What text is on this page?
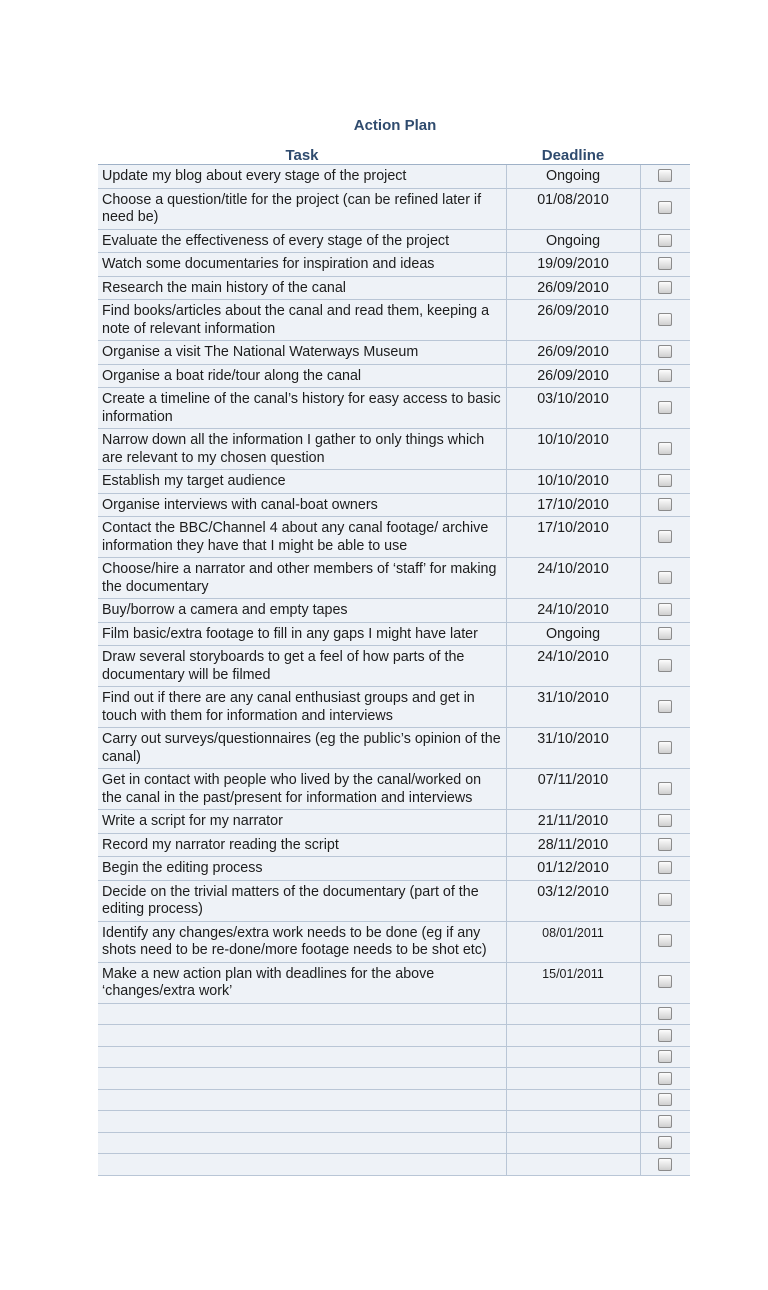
Action Plan
Task	Deadline	
Update my blog about every stage of the project	Ongoing	
Choose a question/title for the project (can be refined later if need be)	01/08/2010	
Evaluate the effectiveness of every stage of the project	Ongoing	
Watch some documentaries for inspiration and ideas	19/09/2010	
Research the main history of the canal	26/09/2010	
Find books/articles about the canal and read them, keeping a note of relevant information	26/09/2010	
Organise a visit The National Waterways Museum	26/09/2010	
Organise a boat ride/tour along the canal	26/09/2010	
Create a timeline of the canal’s history for easy access to basic information	03/10/2010	
Narrow down all the information I gather to only things which are relevant to my chosen question	10/10/2010	
Establish my target audience	10/10/2010	
Organise interviews with canal-boat owners	17/10/2010	
Contact the BBC/Channel 4 about any canal footage/ archive information they have that I might be able to use	17/10/2010	
Choose/hire a narrator and other members of ‘staff’ for making the documentary	24/10/2010	
Buy/borrow a camera and empty tapes	24/10/2010	
Film basic/extra footage to fill in any gaps I might have later	Ongoing	
Draw several storyboards to get a feel of how parts of the documentary will be filmed	24/10/2010	
Find out if there are any canal enthusiast groups and get in touch with them for information and interviews	31/10/2010	
Carry out surveys/questionnaires (eg the public’s opinion of the canal)	31/10/2010	
Get in contact with people who lived by the canal/worked on the canal in the past/present for information and interviews	07/11/2010	
Write a script for my narrator	21/11/2010	
Record my narrator reading the script	28/11/2010	
Begin the editing process	01/12/2010	
Decide on the trivial matters of the documentary (part of the editing process)	03/12/2010	
Identify any changes/extra work needs to be done (eg if any shots need to be re-done/more footage needs to be shot etc)	08/01/2011	
Make a new action plan with deadlines for the above ‘changes/extra work’	15/01/2011	
